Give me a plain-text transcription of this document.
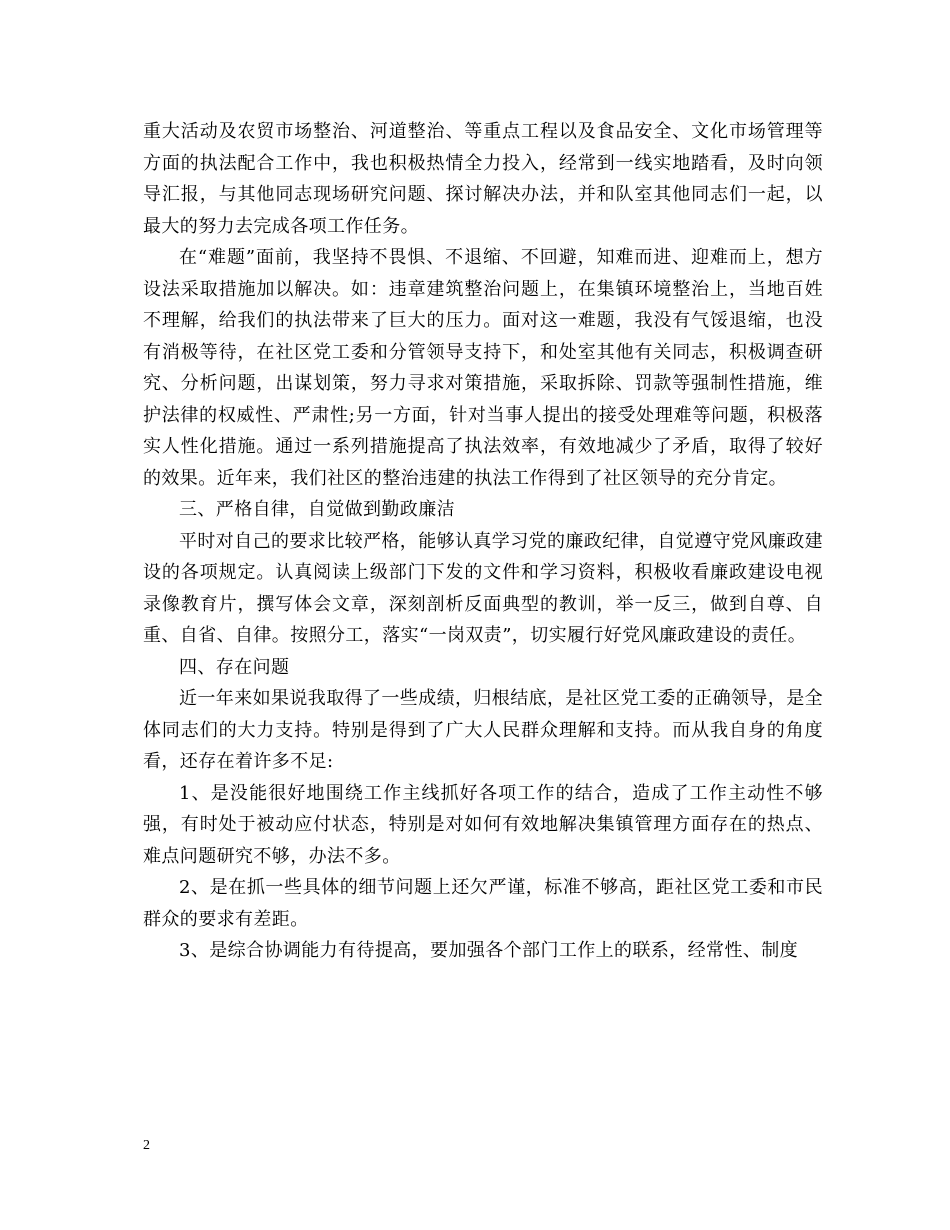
重大活动及农贸市场整治、河道整治、等重点工程以及食品安全、文化市场管理等方面的执法配合工作中，我也积极热情全力投入，经常到一线实地踏看，及时向领导汇报，与其他同志现场研究问题、探讨解决办法，并和队室其他同志们一起，以最大的努力去完成各项工作任务。

在“难题”面前，我坚持不畏惧、不退缩、不回避，知难而进、迎难而上，想方设法采取措施加以解决。如：违章建筑整治问题上，在集镇环境整治上，当地百姓不理解，给我们的执法带来了巨大的压力。面对这一难题，我没有气馁退缩，也没有消极等待，在社区党工委和分管领导支持下，和处室其他有关同志，积极调查研究、分析问题，出谋划策，努力寻求对策措施，采取拆除、罚款等强制性措施，维护法律的权威性、严肃性;另一方面，针对当事人提出的接受处理难等问题，积极落实人性化措施。通过一系列措施提高了执法效率，有效地减少了矛盾，取得了较好的效果。近年来，我们社区的整治违建的执法工作得到了社区领导的充分肯定。

三、严格自律，自觉做到勤政廉洁

平时对自己的要求比较严格，能够认真学习党的廉政纪律，自觉遵守党风廉政建设的各项规定。认真阅读上级部门下发的文件和学习资料，积极收看廉政建设电视录像教育片，撰写体会文章，深刻剖析反面典型的教训，举一反三，做到自尊、自重、自省、自律。按照分工，落实“一岗双责”，切实履行好党风廉政建设的责任。

四、存在问题

近一年来如果说我取得了一些成绩，归根结底，是社区党工委的正确领导，是全体同志们的大力支持。特别是得到了广大人民群众理解和支持。而从我自身的角度看，还存在着许多不足:

1、是没能很好地围绕工作主线抓好各项工作的结合，造成了工作主动性不够强，有时处于被动应付状态，特别是对如何有效地解决集镇管理方面存在的热点、难点问题研究不够，办法不多。

2、是在抓一些具体的细节问题上还欠严谨，标准不够高，距社区党工委和市民群众的要求有差距。

3、是综合协调能力有待提高，要加强各个部门工作上的联系，经常性、制度

2
